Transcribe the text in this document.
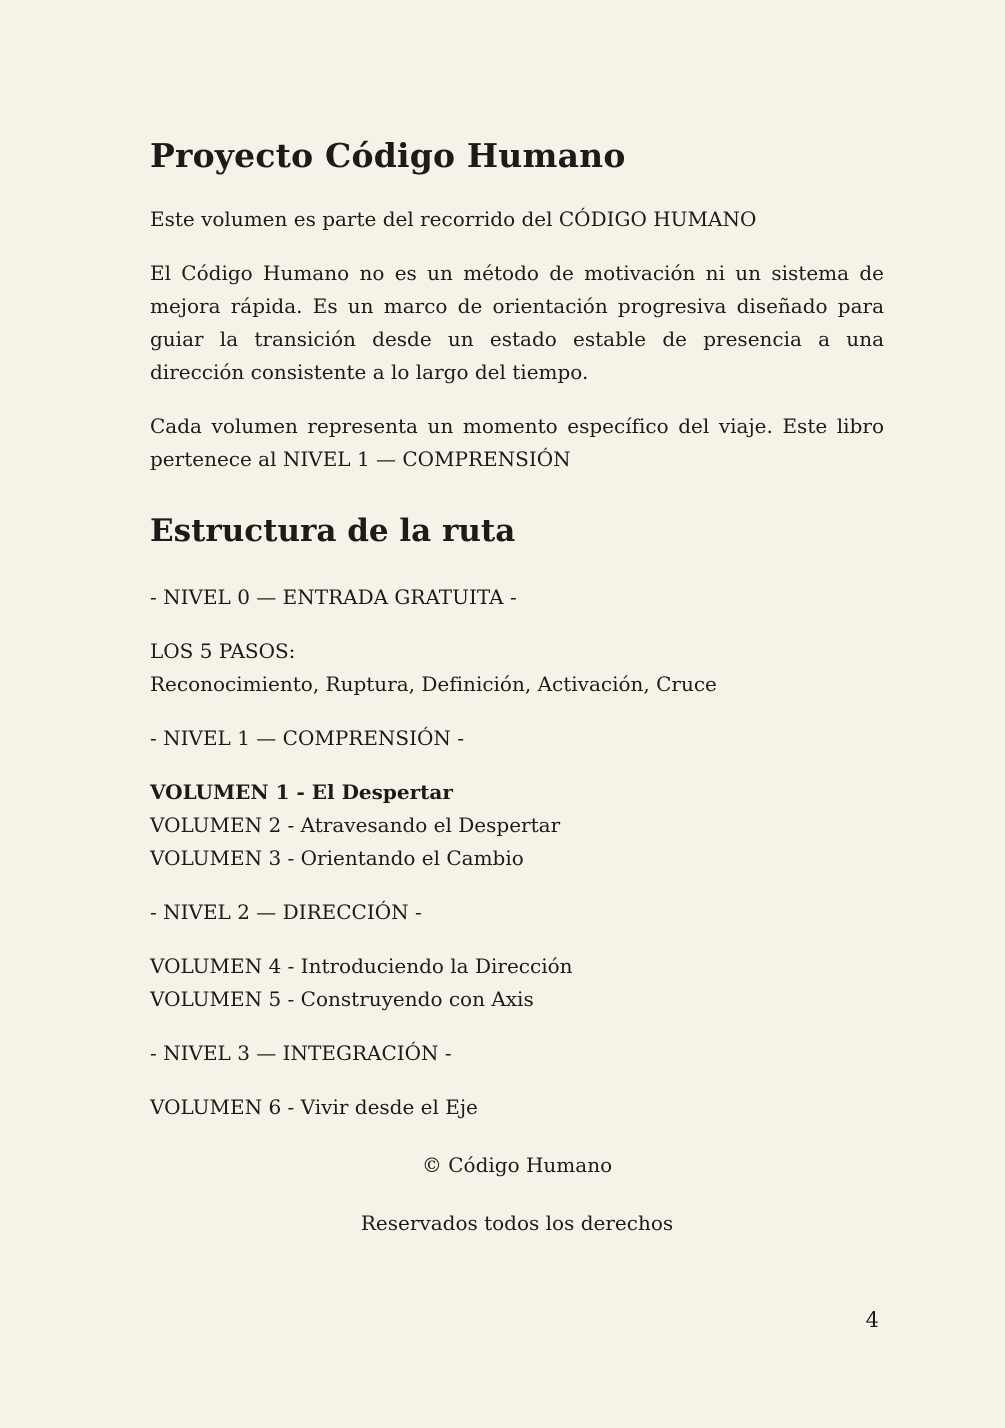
Proyecto Código Humano

Este volumen es parte del recorrido del CÓDIGO HUMANO

El Código Humano no es un método de motivación ni un sistema de mejora rápida. Es un marco de orientación progresiva diseñado para guiar la transición desde un estado estable de presencia a una dirección consistente a lo largo del tiempo.

Cada volumen representa un momento específico del viaje. Este libro pertenece al NIVEL 1 — COMPRENSIÓN

Estructura de la ruta
- NIVEL 0 — ENTRADA GRATUITA -
LOS 5 PASOS:
Reconocimiento, Ruptura, Definición, Activación, Cruce
- NIVEL 1 — COMPRENSIÓN -
VOLUMEN 1 - El Despertar
VOLUMEN 2 - Atravesando el Despertar
VOLUMEN 3 - Orientando el Cambio
- NIVEL 2 — DIRECCIÓN -
VOLUMEN 4 - Introduciendo la Dirección
VOLUMEN 5 - Construyendo con Axis
- NIVEL 3 — INTEGRACIÓN -
VOLUMEN 6 - Vivir desde el Eje

© Código Humano

Reservados todos los derechos

4
